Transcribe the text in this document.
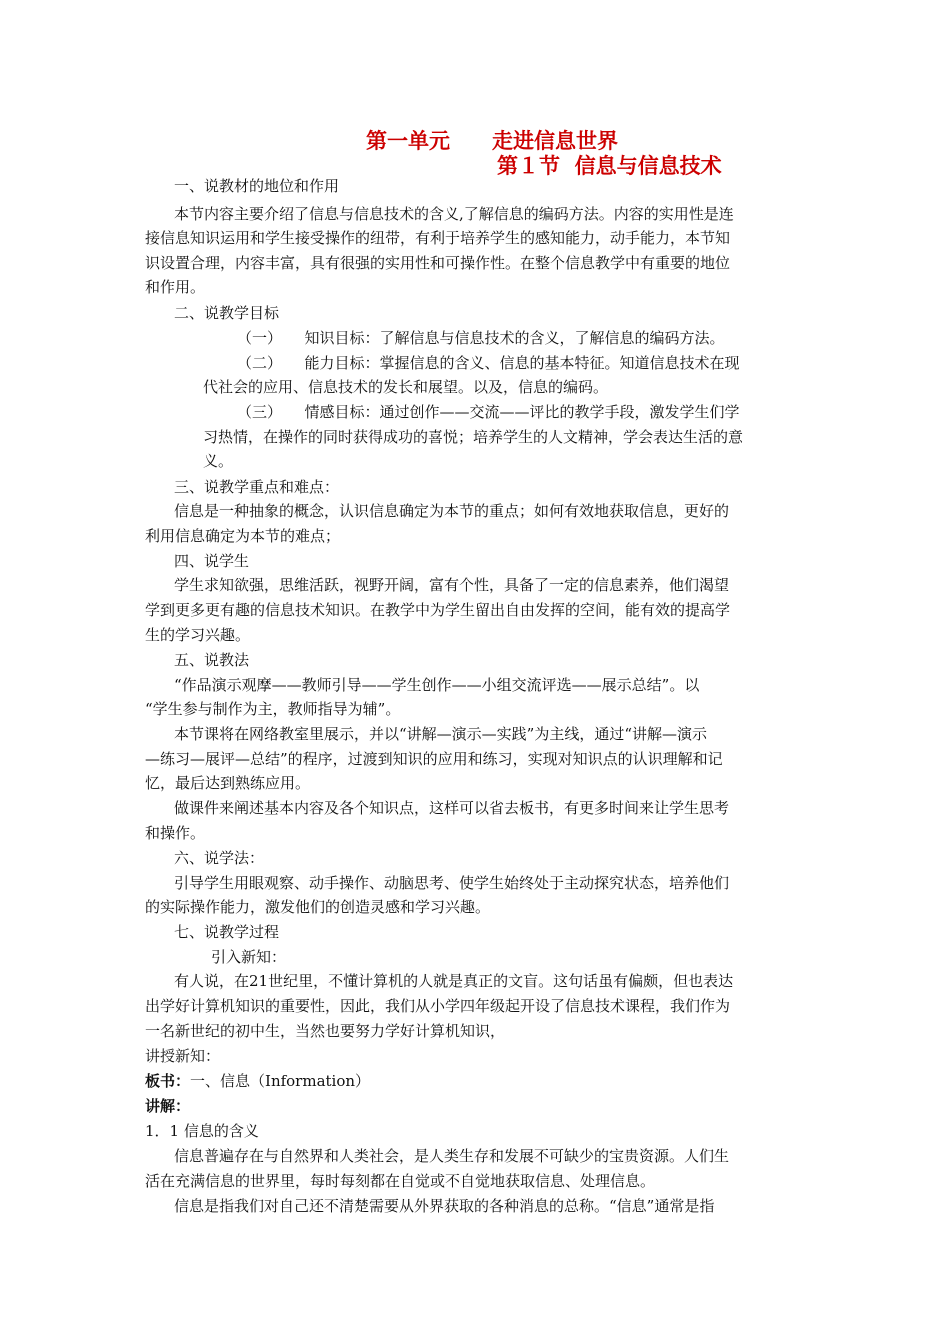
第一单元　　走进信息世界
第１节  信息与信息技术
一、说教材的地位和作用
本节内容主要介绍了信息与信息技术的含义,了解信息的编码方法。内容的实用性是连
接信息知识运用和学生接受操作的纽带，有利于培养学生的感知能力，动手能力，本节知
识设置合理，内容丰富，具有很强的实用性和可操作性。在整个信息教学中有重要的地位
和作用。
二、说教学目标
（一）　　知识目标：了解信息与信息技术的含义，了解信息的编码方法。
（二）　　能力目标：掌握信息的含义、信息的基本特征。知道信息技术在现
代社会的应用、信息技术的发长和展望。以及，信息的编码。
（三）　　情感目标：通过创作——交流——评比的教学手段，激发学生们学
习热情，在操作的同时获得成功的喜悦；培养学生的人文精神，学会表达生活的意
义。
三、说教学重点和难点：
信息是一种抽象的概念，认识信息确定为本节的重点；如何有效地获取信息，更好的
利用信息确定为本节的难点；
四、说学生
学生求知欲强，思维活跃，视野开阔，富有个性，具备了一定的信息素养，他们渴望
学到更多更有趣的信息技术知识。在教学中为学生留出自由发挥的空间，能有效的提高学
生的学习兴趣。
五、说教法
“作品演示观摩——教师引导——学生创作——小组交流评选——展示总结”。以
“学生参与制作为主，教师指导为辅”。
本节课将在网络教室里展示，并以“讲解—演示—实践”为主线，通过“讲解—演示
—练习—展评—总结”的程序，过渡到知识的应用和练习，实现对知识点的认识理解和记
忆，最后达到熟练应用。
做课件来阐述基本内容及各个知识点，这样可以省去板书，有更多时间来让学生思考
和操作。
六、说学法：
引导学生用眼观察、动手操作、动脑思考、使学生始终处于主动探究状态，培养他们
的实际操作能力，激发他们的创造灵感和学习兴趣。
七、说教学过程
引入新知：
有人说，在21世纪里，不懂计算机的人就是真正的文盲。这句话虽有偏颇，但也表达
出学好计算机知识的重要性，因此，我们从小学四年级起开设了信息技术课程，我们作为
一名新世纪的初中生，当然也要努力学好计算机知识，
讲授新知：
板书：一、信息（Information）
讲解：
1．1 信息的含义
信息普遍存在与自然界和人类社会，是人类生存和发展不可缺少的宝贵资源。人们生
活在充满信息的世界里，每时每刻都在自觉或不自觉地获取信息、处理信息。
信息是指我们对自己还不清楚需要从外界获取的各种消息的总称。“信息”通常是指
